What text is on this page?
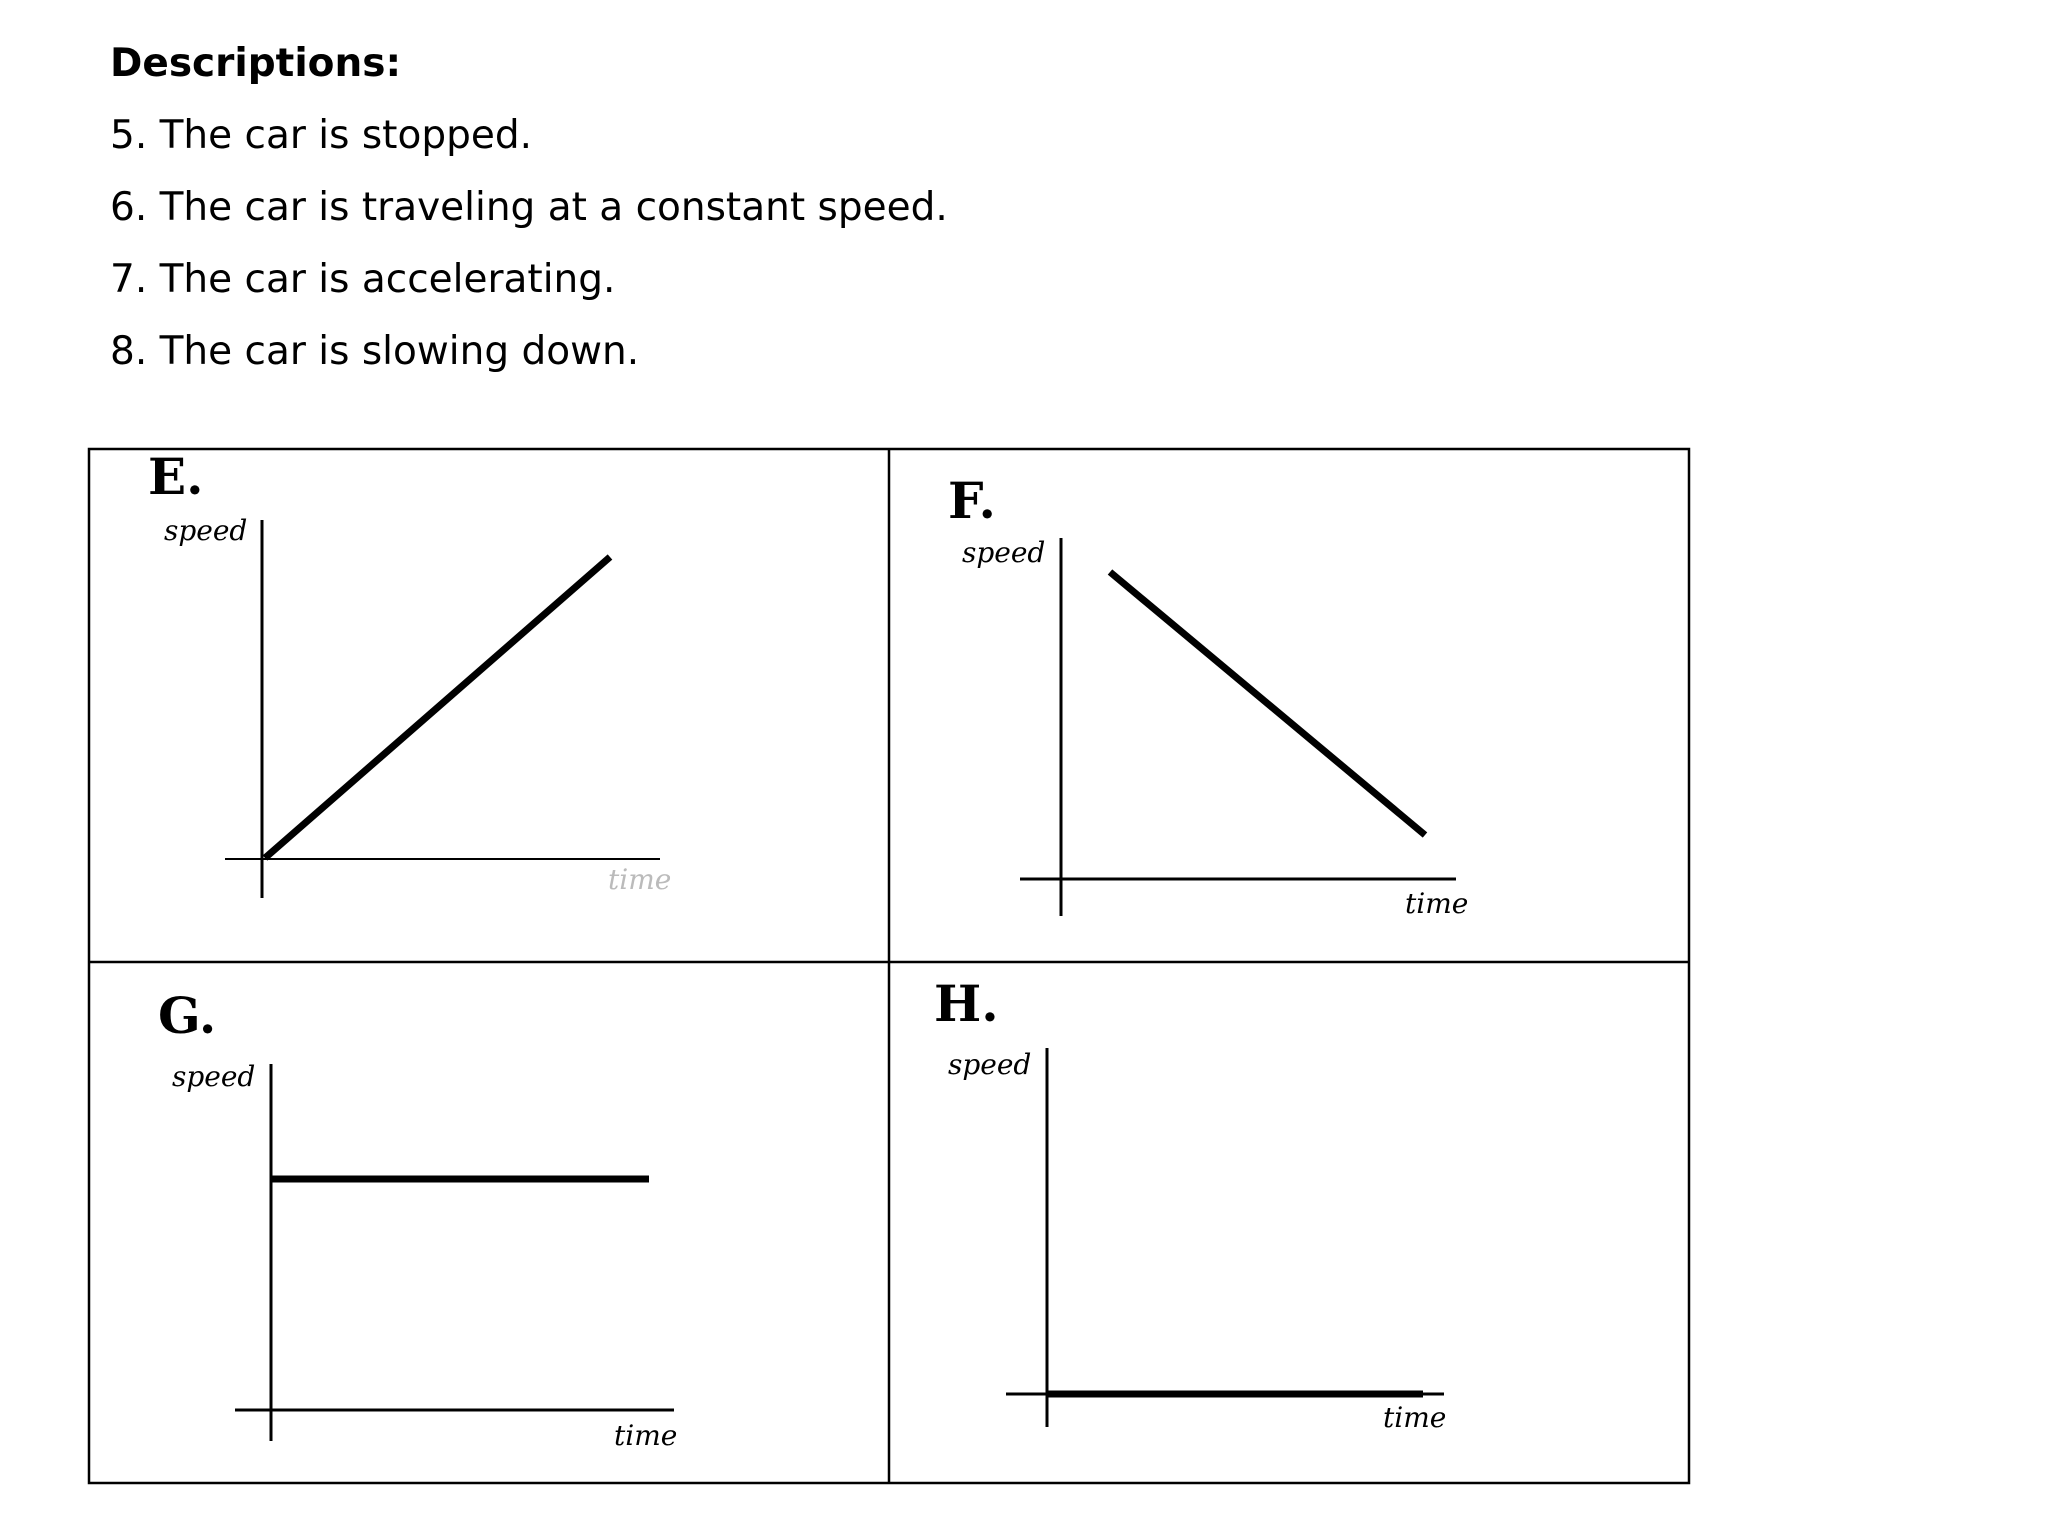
Descriptions:
5. The car is stopped.
6. The car is traveling at a constant speed.
7. The car is accelerating.
8. The car is slowing down.
E.
speed
time
F.
speed
time
G.
speed
time
H.
speed
time
